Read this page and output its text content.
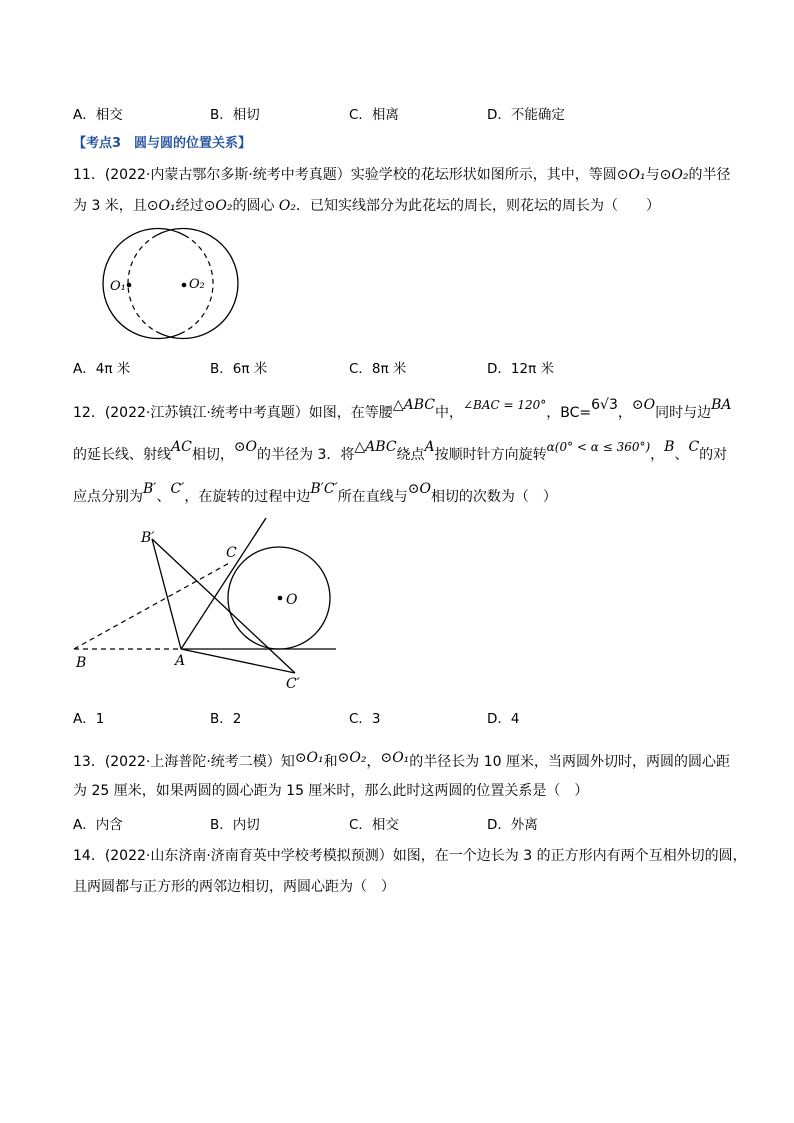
A．相交	B．相切	C．相离	D．不能确定
【考点3　圆与圆的位置关系】
11．(2022·内蒙古鄂尔多斯·统考中考真题）实验学校的花坛形状如图所示，其中，等圆⊙O₁与⊙O₂的半径
为 3 米，且⊙O₁经过⊙O₂的圆心 O₂．已知实线部分为此花坛的周长，则花坛的周长为（　　）
O₁	O₂
A．4π 米	B．6π 米	C．8π 米	D．12π 米
12．(2022·江苏镇江·统考中考真题）如图，在等腰△ABC中，∠BAC = 120°，BC=6√3，⊙O同时与边BA
的延长线、射线AC相切，⊙O的半径为 3．将△ABC绕点A按顺时针方向旋转α(0° < α ≤ 360°)，B、C的对
应点分别为B′、C′，在旋转的过程中边B′C′所在直线与⊙O相切的次数为（　）
B′
C
O
B	A
C′
A．1	B．2	C．3	D．4
13．(2022·上海普陀·统考二模）知⊙O₁和⊙O₂，⊙O₁的半径长为 10 厘米，当两圆外切时，两圆的圆心距
为 25 厘米，如果两圆的圆心距为 15 厘米时，那么此时这两圆的位置关系是（　）
A．内含	B．内切	C．相交	D．外离
14．(2022·山东济南·济南育英中学校考模拟预测）如图，在一个边长为 3 的正方形内有两个互相外切的圆，
且两圆都与正方形的两邻边相切，两圆心距为（　）
